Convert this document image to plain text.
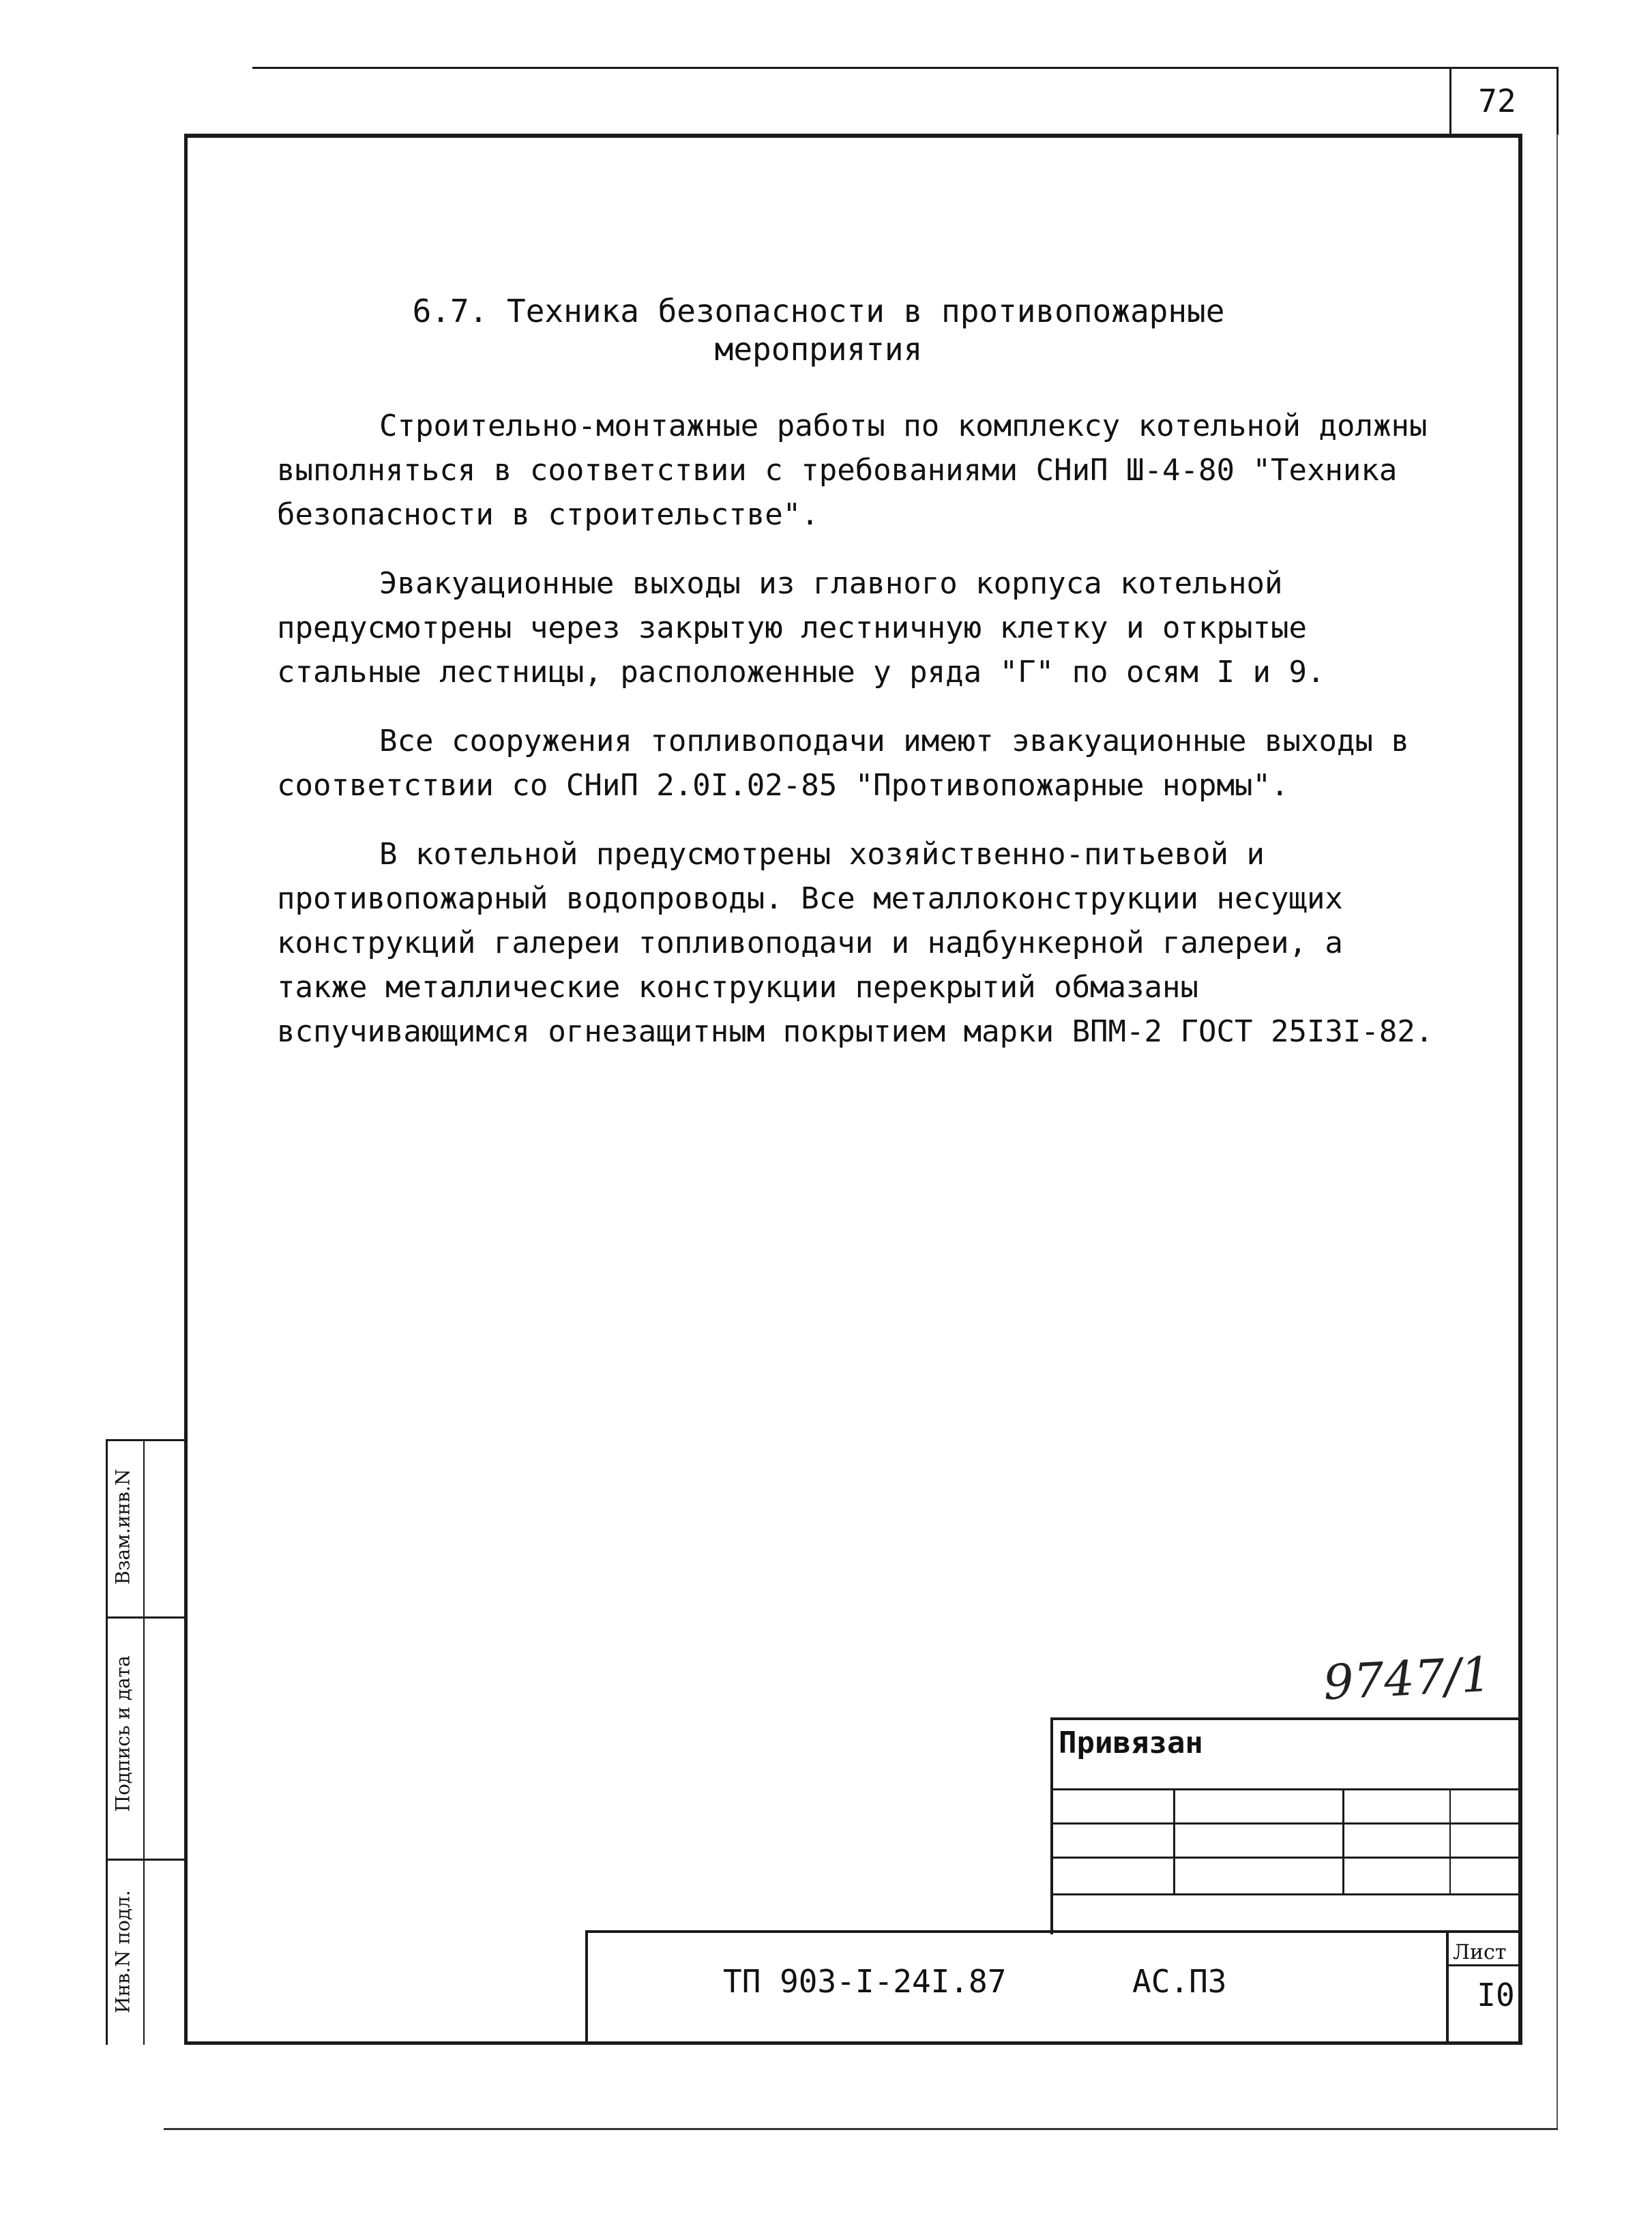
72
Взам.инв.N
Подпись и дата
Инв.N подл.
6.7. Техника безопасности в противопожарные
мероприятия

Строительно-монтажные работы по комплексу котельной должны выполняться в соответствии с требованиями СНиП Ш-4-80 "Техника безопасности в строительстве".

Эвакуационные выходы из главного корпуса котельной предусмотрены через закрытую лестничную клетку и открытые стальные лестницы, расположенные у ряда "Г" по осям I и 9.

Все сооружения топливоподачи имеют эвакуационные выходы в соответствии со СНиП 2.0I.02-85 "Противопожарные нормы".

В котельной предусмотрены хозяйственно-питьевой и противопожарный водопроводы. Все металлоконструкции несущих конструкций галереи топливоподачи и надбункерной галереи, а также металлические конструкции перекрытий обмазаны вспучивающимся огнезащитным покрытием марки ВПМ-2 ГОСТ 25I3I-82.

9747/1
Привязан
ТП 903-I-24I.87	АС.ПЗ
Лист
I0
